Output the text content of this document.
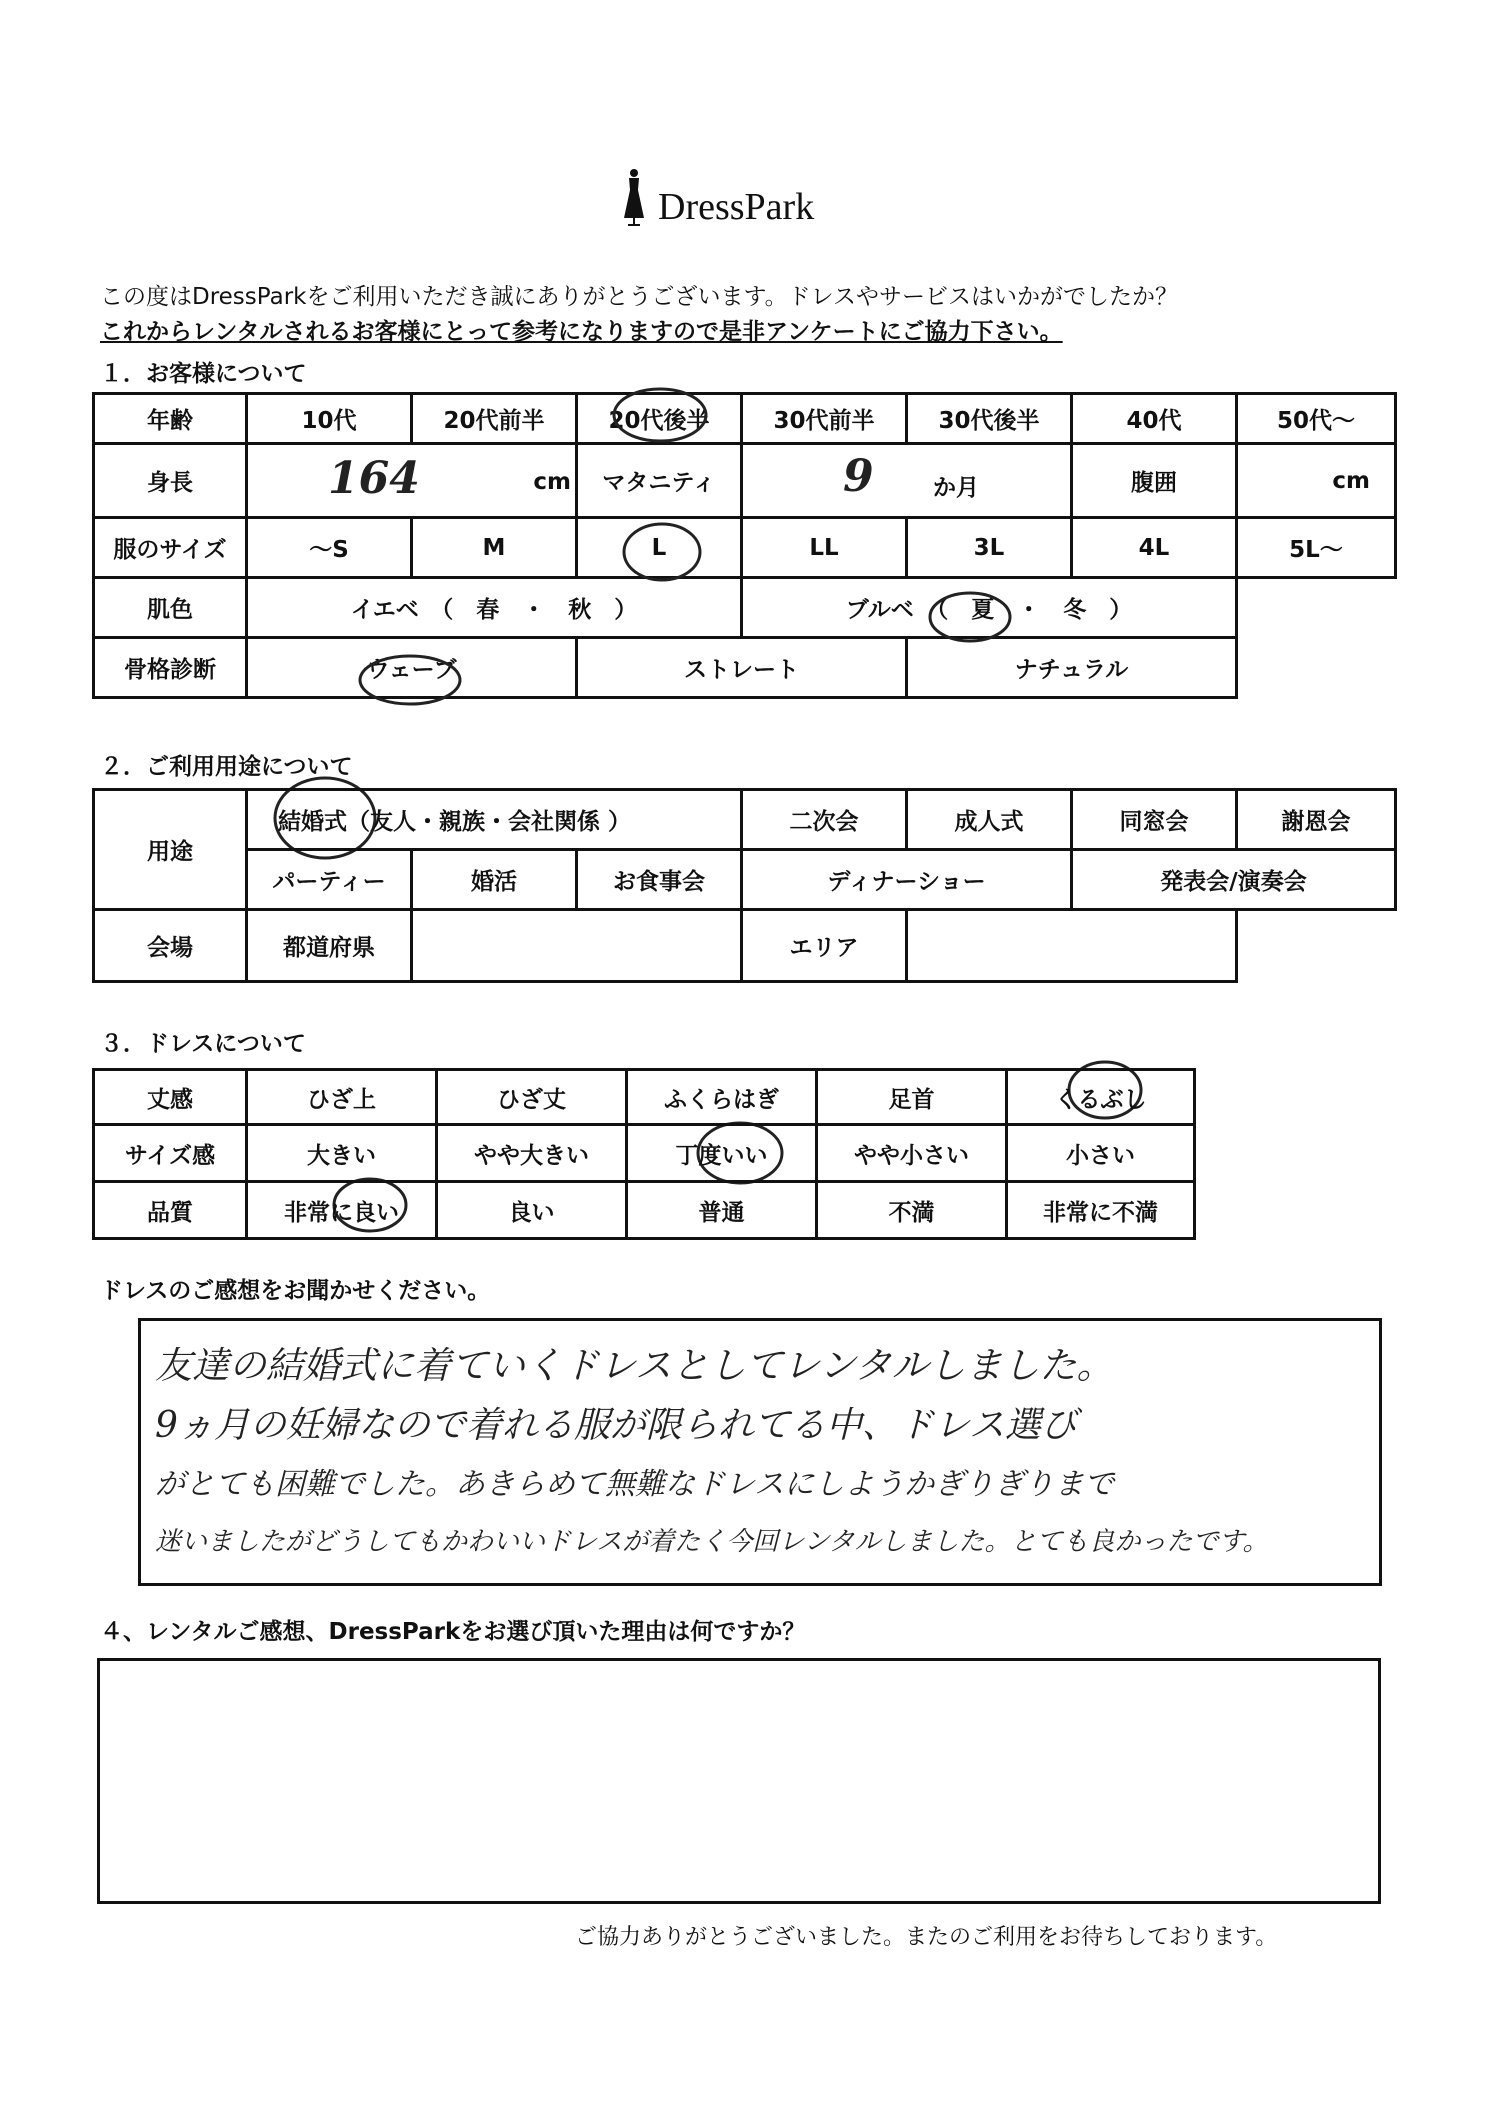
DressPark
この度はDressParkをご利用いただき誠にありがとうございます。ドレスやサービスはいかがでしたか？
これからレンタルされるお客様にとって参考になりますので是非アンケートにご協力下さい。
１．お客様について
年齢	10代	20代前半	20代後半	30代前半	30代後半	40代	50代～
身長	164 cm		マタニティ	9 か月		腹囲	cm
服のサイズ	～S	M	L	LL	3L	4L	5L～
肌色	イエベ　（　春　・　秋　）			ブルベ　（　夏　・　冬　）			
骨格診断	ウェーブ		ストレート		ナチュラル		
２．ご利用用途について
用途	結婚式（友人・親族・会社関係 ）			二次会	成人式	同窓会	謝恩会
	パーティー	婚活	お食事会	ディナーショー		発表会/演奏会	
会場	都道府県			エリア			
３．ドレスについて
丈感	ひざ上	ひざ丈	ふくらはぎ	足首	くるぶし
サイズ感	大きい	やや大きい	丁度いい	やや小さい	小さい
品質	非常に良い	良い	普通	不満	非常に不満
ドレスのご感想をお聞かせください。
友達の結婚式に着ていくドレスとしてレンタルしました。
9ヵ月の妊婦なので着れる服が限られてる中、ドレス選び
がとても困難でした。あきらめて無難なドレスにしようかぎりぎりまで
迷いましたがどうしてもかわいいドレスが着たく今回レンタルしました。とても良かったです。
４、レンタルご感想、DressParkをお選び頂いた理由は何ですか？
ご協力ありがとうございました。またのご利用をお待ちしております。
